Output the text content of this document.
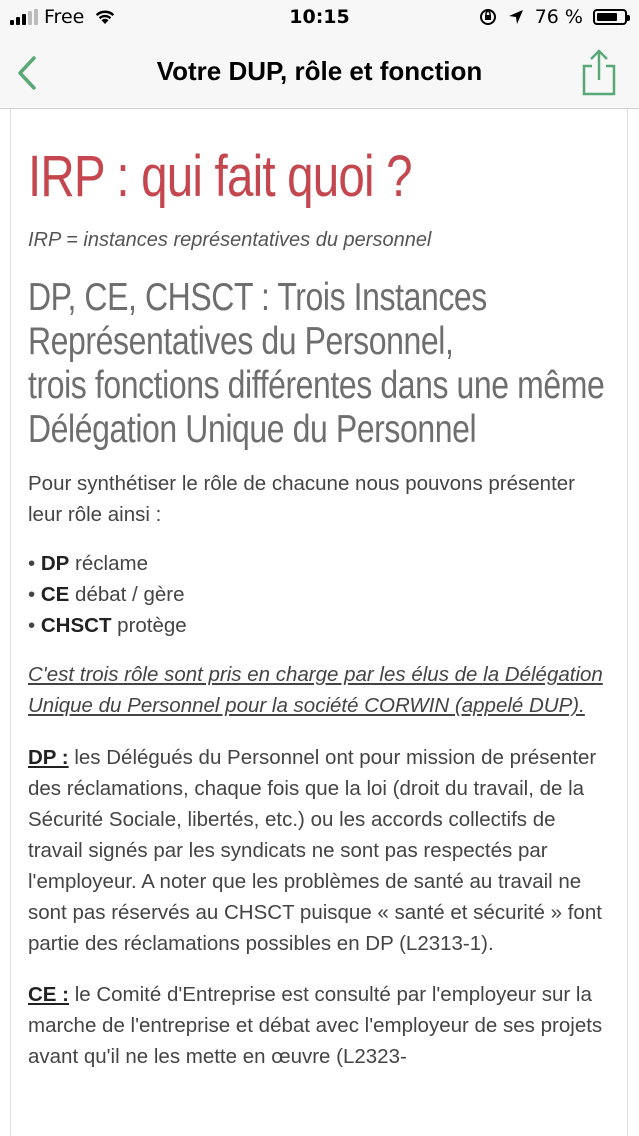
Free	10:15	76 %
Votre DUP, rôle et fonction
IRP : qui fait quoi ?
IRP = instances représentatives du personnel
DP, CE, CHSCT : Trois Instances
Représentatives du Personnel,
trois fonctions différentes dans une même
Délégation Unique du Personnel

Pour synthétiser le rôle de chacune nous pouvons présenter leur rôle ainsi :

• DP réclame
• CE débat / gère
• CHSCT protège

C'est trois rôle sont pris en charge par les élus de la Délégation Unique du Personnel pour la société CORWIN (appelé DUP).

DP : les Délégués du Personnel ont pour mission de présenter des réclamations, chaque fois que la loi (droit du travail, de la Sécurité Sociale, libertés, etc.) ou les accords collectifs de travail signés par les syndicats ne sont pas respectés par l'employeur. A noter que les problèmes de santé au travail ne sont pas réservés au CHSCT puisque « santé et sécurité » font partie des réclamations possibles en DP (L2313-1).

CE : le Comité d'Entreprise est consulté par l'employeur sur la marche de l'entreprise et débat avec l'employeur de ses projets avant qu'il ne les mette en œuvre (L2323-
